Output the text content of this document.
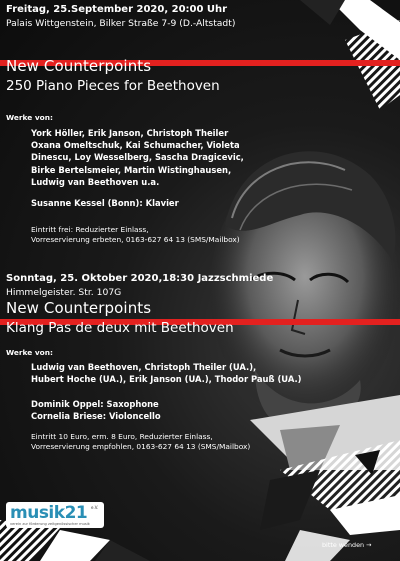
Freitag, 25.September 2020, 20:00 Uhr
Palais Wittgenstein, Bilker Straße 7-9 (D.-Altstadt)
New Counterpoints
250 Piano Pieces for Beethoven
Werke von:
York Höller, Erik Janson, Christoph Theiler
Oxana Omeltschuk, Kai Schumacher, Violeta
Dinescu, Loy Wesselberg, Sascha Dragicevic,
Birke Bertelsmeier, Martin Wistinghausen,
Ludwig van Beethoven u.a.
Susanne Kessel (Bonn): Klavier
Eintritt frei: Reduzierter Einlass,
Vorreservierung erbeten, 0163-627 64 13 (SMS/Mailbox)
Sonntag, 25. Oktober 2020,18:30 Jazzschmiede
Himmelgeister. Str. 107G
New Counterpoints
Klang Pas de deux mit Beethoven
Werke von:
Ludwig van Beethoven, Christoph Theiler (UA.),
Hubert Hoche (UA.), Erik Janson (UA.), Thodor Pauß (UA.)
Dominik Oppel: Saxophone
Cornelia Briese: Violoncello
Eintritt 10 Euro, erm. 8 Euro, Reduzierter Einlass,
Vorreservierung empfohlen, 0163-627 64 13 (SMS/Mailbox)
musik21 e.V.
verein zur förderung zeitgenössischer musik
bitte wenden →
